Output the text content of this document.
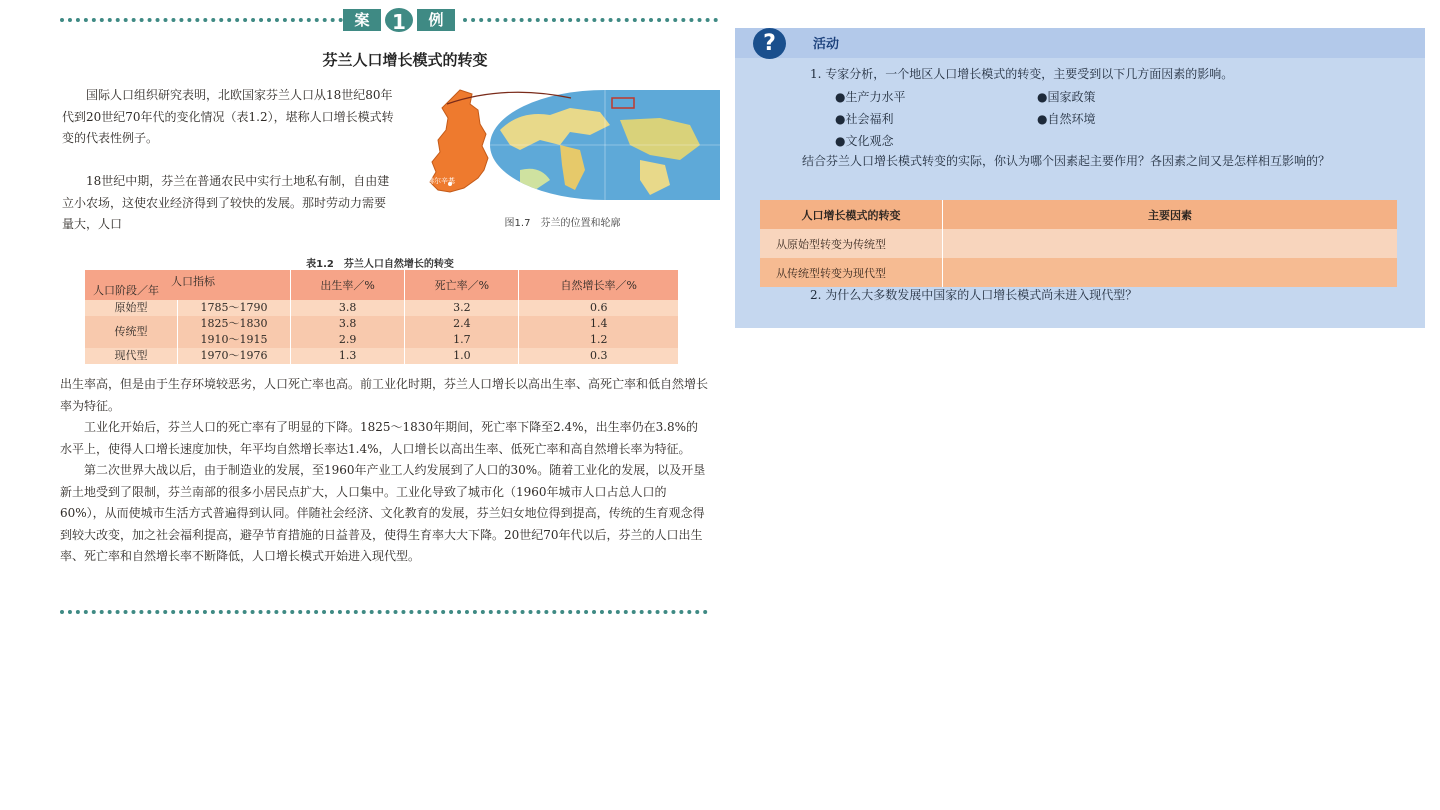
案	1	例
芬兰人口增长模式的转变
国际人口组织研究表明，北欧国家芬兰人口从18世纪80年代到20世纪70年代的变化情况（表1.2），堪称人口增长模式转变的代表性例子。
18世纪中期，芬兰在普通农民中实行土地私有制，自由建立小农场，这使农业经济得到了较快的发展。那时劳动力需要量大，人口
赫尔辛基
图1.7　芬兰的位置和轮廓
表1.2　芬兰人口自然增长的转变
人口指标
人口阶段／年		出生率／%	死亡率／%	自然增长率／%
原始型	1785～1790	3.8	3.2	0.6
传统型	1825～1830	3.8	2.4	1.4
	1910～1915	2.9	1.7	1.2
现代型	1970～1976	1.3	1.0	0.3
出生率高，但是由于生存环境较恶劣，人口死亡率也高。前工业化时期，芬兰人口增长以高出生率、高死亡率和低自然增长率为特征。
工业化开始后，芬兰人口的死亡率有了明显的下降。1825～1830年期间，死亡率下降至2.4%，出生率仍在3.8%的水平上，使得人口增长速度加快，年平均自然增长率达1.4%，人口增长以高出生率、低死亡率和高自然增长率为特征。
第二次世界大战以后，由于制造业的发展，至1960年产业工人约发展到了人口的30%。随着工业化的发展，以及开垦新土地受到了限制，芬兰南部的很多小居民点扩大，人口集中。工业化导致了城市化（1960年城市人口占总人口的60%），从而使城市生活方式普遍得到认同。伴随社会经济、文化教育的发展，芬兰妇女地位得到提高，传统的生育观念得到较大改变，加之社会福利提高，避孕节育措施的日益普及，使得生育率大大下降。20世纪70年代以后，芬兰的人口出生率、死亡率和自然增长率不断降低，人口增长模式开始进入现代型。
?	活动
1. 专家分析，一个地区人口增长模式的转变，主要受到以下几方面因素的影响。
●生产力水平	●国家政策
●社会福利	●自然环境
●文化观念
结合芬兰人口增长模式转变的实际，你认为哪个因素起主要作用？各因素之间又是怎样相互影响的？
人口增长模式的转变	主要因素
从原始型转变为传统型	
从传统型转变为现代型	
2. 为什么大多数发展中国家的人口增长模式尚未进入现代型？
